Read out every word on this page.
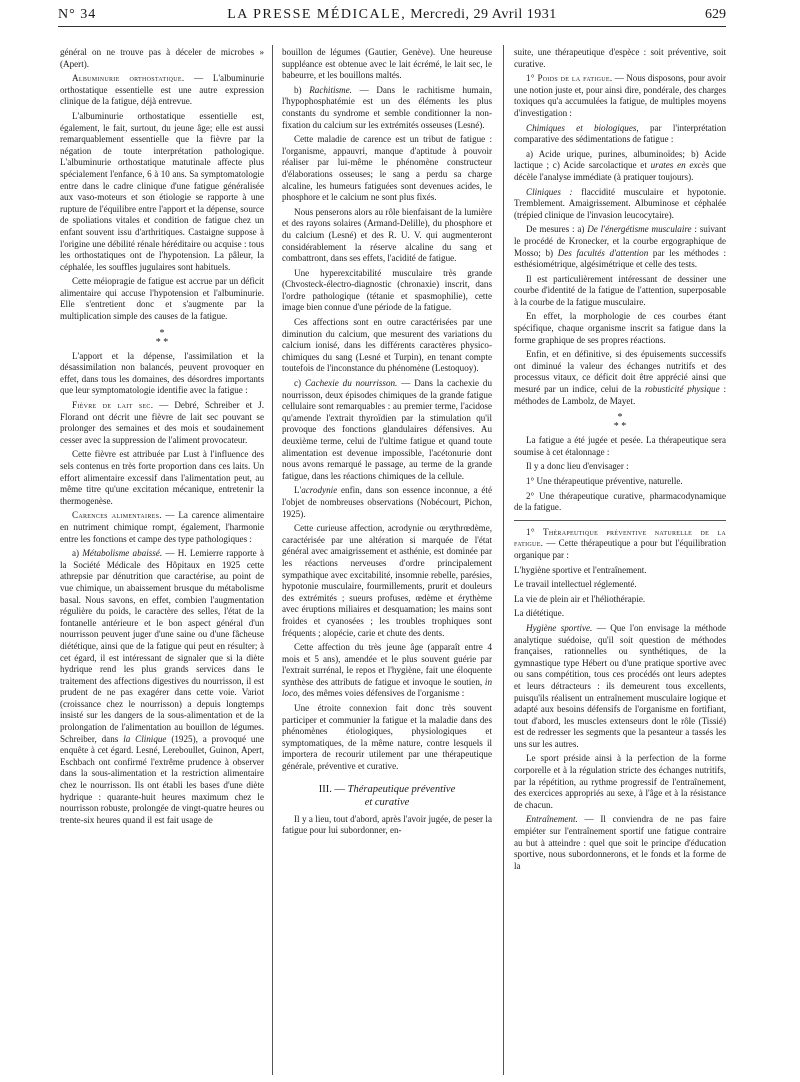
N° 34	LA PRESSE MÉDICALE, Mercredi, 29 Avril 1931	629

général on ne trouve pas à déceler de microbes » (Apert).

Albuminurie orthostatique. — L'albuminurie orthostatique essentielle est une autre expression clinique de la fatigue, déjà entrevue.

L'albuminurie orthostatique essentielle est, également, le fait, surtout, du jeune âge; elle est aussi remarquablement essentielle que la fièvre par la négation de toute interprétation pathologique. L'albuminurie orthostatique matutinale affecte plus spécialement l'enfance, 6 à 10 ans. Sa symptomatologie entre dans le cadre clinique d'une fatigue généralisée aux vaso-moteurs et son étiologie se rapporte à une rupture de l'équilibre entre l'apport et la dépense, source de spoliations vitales et condition de fatigue chez un enfant souvent issu d'arthritiques. Castaigne suppose à l'origine une débilité rénale héréditaire ou acquise : tous les orthostatiques ont de l'hypotension. La pâleur, la céphalée, les souffles jugulaires sont habituels.

Cette méiopragie de fatigue est accrue par un déficit alimentaire qui accuse l'hypotension et l'albuminurie. Elle s'entretient donc et s'augmente par la multiplication simple des causes de la fatigue.

*
* *

L'apport et la dépense, l'assimilation et la désassimilation non balancés, peuvent provoquer en effet, dans tous les domaines, des désordres importants que leur symptomatologie identifie avec la fatigue :

Fièvre de lait sec. — Debré, Schreiber et J. Florand ont décrit une fièvre de lait sec pouvant se prolonger des semaines et des mois et soudainement cesser avec la suppression de l'aliment provocateur.

Cette fièvre est attribuée par Lust à l'influence des sels contenus en très forte proportion dans ces laits. Un effort alimentaire excessif dans l'alimentation peut, au même titre qu'une excitation mécanique, entretenir la thermogenèse.

Carences alimentaires. — La carence alimentaire en nutriment chimique rompt, également, l'harmonie entre les fonctions et campe des type pathologiques :

a) Métabolisme abaissé. — H. Lemierre rapporte à la Société Médicale des Hôpitaux en 1925 cette athrepsie par dénutrition que caractérise, au point de vue chimique, un abaissement brusque du métabolisme basal. Nous savons, en effet, combien l'augmentation régulière du poids, le caractère des selles, l'état de la fontanelle antérieure et le bon aspect général d'un nourrisson peuvent juger d'une saine ou d'une fâcheuse diététique, ainsi que de la fatigue qui peut en résulter; à cet égard, il est intéressant de signaler que si la diète hydrique rend les plus grands services dans le traitement des affections digestives du nourrisson, il est prudent de ne pas exagérer dans cette voie. Variot (croissance chez le nourrisson) a depuis longtemps insisté sur les dangers de la sous-alimentation et de la prolongation de l'alimentation au bouillon de légumes. Schreiber, dans la Clinique (1925), a provoqué une enquête à cet égard. Lesné, Lereboullet, Guinon, Apert, Eschbach ont confirmé l'extrême prudence à observer dans la sous-alimentation et la restriction alimentaire chez le nourrisson. Ils ont établi les bases d'une diète hydrique : quarante-huit heures maximum chez le nourrisson robuste, prolongée de vingt-quatre heures ou trente-six heures quand il est fait usage de

bouillon de légumes (Gautier, Genève). Une heureuse suppléance est obtenue avec le lait écrémé, le lait sec, le babeurre, et les bouillons maltés.

b) Rachitisme. — Dans le rachitisme humain, l'hypophosphatémie est un des éléments les plus constants du syndrome et semble conditionner la non-fixation du calcium sur les extrémités osseuses (Lesné).

Cette maladie de carence est un tribut de fatigue : l'organisme, appauvri, manque d'aptitude à pouvoir réaliser par lui-même le phénomène constructeur d'élaborations osseuses; le sang a perdu sa charge alcaline, les humeurs fatiguées sont devenues acides, le phosphore et le calcium ne sont plus fixés.

Nous penserons alors au rôle bienfaisant de la lumière et des rayons solaires (Armand-Delille), du phosphore et du calcium (Lesné) et des R. U. V. qui augmenteront considérablement la réserve alcaline du sang et combattront, dans ses effets, l'acidité de fatigue.

Une hyperexcitabilité musculaire très grande (Chvosteck-électro-diagnostic (chronaxie) inscrit, dans l'ordre pathologique (tétanie et spasmophilie), cette image bien connue d'une période de la fatigue.

Ces affections sont en outre caractérisées par une diminution du calcium, que mesurent des variations du calcium ionisé, dans les différents caractères physico-chimiques du sang (Lesné et Turpin), en tenant compte toutefois de l'inconstance du phénomène (Lestoquoy).

c) Cachexie du nourrisson. — Dans la cachexie du nourrisson, deux épisodes chimiques de la grande fatigue cellulaire sont remarquables : au premier terme, l'acidose qu'amende l'extrait thyroïdien par la stimulation qu'il provoque des fonctions glandulaires défensives. Au deuxième terme, celui de l'ultime fatigue et quand toute alimentation est devenue impossible, l'acétonurie dont nous avons remarqué le passage, au terme de la grande fatigue, dans les réactions chimiques de la cellule.

L'acrodynie enfin, dans son essence inconnue, a été l'objet de nombreuses observations (Nobécourt, Pichon, 1925).

Cette curieuse affection, acrodynie ou œrythrœdème, caractérisée par une altération si marquée de l'état général avec amaigrissement et asthénie, est dominée par les réactions nerveuses d'ordre principalement sympathique avec excitabilité, insomnie rebelle, parésies, hypotonie musculaire, fourmillements, prurit et douleurs des extrémités ; sueurs profuses, œdème et érythème avec éruptions miliaires et desquamation; les mains sont froides et cyanosées ; les troubles trophiques sont fréquents ; alopécie, carie et chute des dents.

Cette affection du très jeune âge (apparaît entre 4 mois et 5 ans), amendée et le plus souvent guérie par l'extrait surrénal, le repos et l'hygiène, fait une éloquente synthèse des attributs de fatigue et invoque le soutien, in loco, des mêmes voies défensives de l'organisme :

Une étroite connexion fait donc très souvent participer et communier la fatigue et la maladie dans des phénomènes étiologiques, physiologiques et symptomatiques, de la même nature, contre lesquels il importera de recourir utilement par une thérapeutique générale, préventive et curative.

III. — Thérapeutique préventive
et curative

Il y a lieu, tout d'abord, après l'avoir jugée, de peser la fatigue pour lui subordonner, en-

suite, une thérapeutique d'espèce : soit préventive, soit curative.

1° Poids de la fatigue. — Nous disposons, pour avoir une notion juste et, pour ainsi dire, pondérale, des charges toxiques qu'a accumulées la fatigue, de multiples moyens d'investigation :

Chimiques et biologiques, par l'interprétation comparative des sédimentations de fatigue :

a) Acide urique, purines, albuminoïdes; b) Acide lactique ; c) Acide sarcolactique et urates en excès que décèle l'analyse immédiate (à pratiquer toujours).

Cliniques : flaccidité musculaire et hypotonie. Tremblement. Amaigrissement. Albuminose et céphalée (trépied clinique de l'invasion leucocytaire).

De mesures : a) De l'énergétisme musculaire : suivant le procédé de Kronecker, et la courbe ergographique de Mosso; b) Des facultés d'attention par les méthodes : esthésiométrique, algésimétrique et celle des tests.

Il est particulièrement intéressant de dessiner une courbe d'identité de la fatigue de l'attention, superposable à la courbe de la fatigue musculaire.

En effet, la morphologie de ces courbes étant spécifique, chaque organisme inscrit sa fatigue dans la forme graphique de ses propres réactions.

Enfin, et en définitive, si des épuisements successifs ont diminué la valeur des échanges nutritifs et des processus vitaux, ce déficit doit être apprécié ainsi que mesuré par un indice, celui de la robusticité physique : méthodes de Lambolz, de Mayet.

*
* *

La fatigue a été jugée et pesée. La thérapeutique sera soumise à cet étalonnage :

Il y a donc lieu d'envisager :

1° Une thérapeutique préventive, naturelle.

2° Une thérapeutique curative, pharmacodynamique de la fatigue.

1° Thérapeutique préventive naturelle de la fatigue. — Cette thérapeutique a pour but l'équilibration organique par :

L'hygiène sportive et l'entraînement.

Le travail intellectuel réglementé.

La vie de plein air et l'héliothérapie.

La diététique.

Hygiène sportive. — Que l'on envisage la méthode analytique suédoise, qu'il soit question de méthodes françaises, rationnelles ou synthétiques, de la gymnastique type Hébert ou d'une pratique sportive avec ou sans compétition, tous ces procédés ont leurs adeptes et leurs détracteurs : ils demeurent tous excellents, puisqu'ils réalisent un entraînement musculaire logique et adapté aux besoins défensifs de l'organisme en fortifiant, tout d'abord, les muscles extenseurs dont le rôle (Tissié) est de redresser les segments que la pesanteur a tassés les uns sur les autres.

Le sport préside ainsi à la perfection de la forme corporelle et à la régulation stricte des échanges nutritifs, par la répétition, au rythme progressif de l'entraînement, des exercices appropriés au sexe, à l'âge et à la résistance de chacun.

Entraînement. — Il conviendra de ne pas faire empiéter sur l'entraînement sportif une fatigue contraire au but à atteindre : quel que soit le principe d'éducation sportive, nous subordonnerons, et le fonds et la forme de la
